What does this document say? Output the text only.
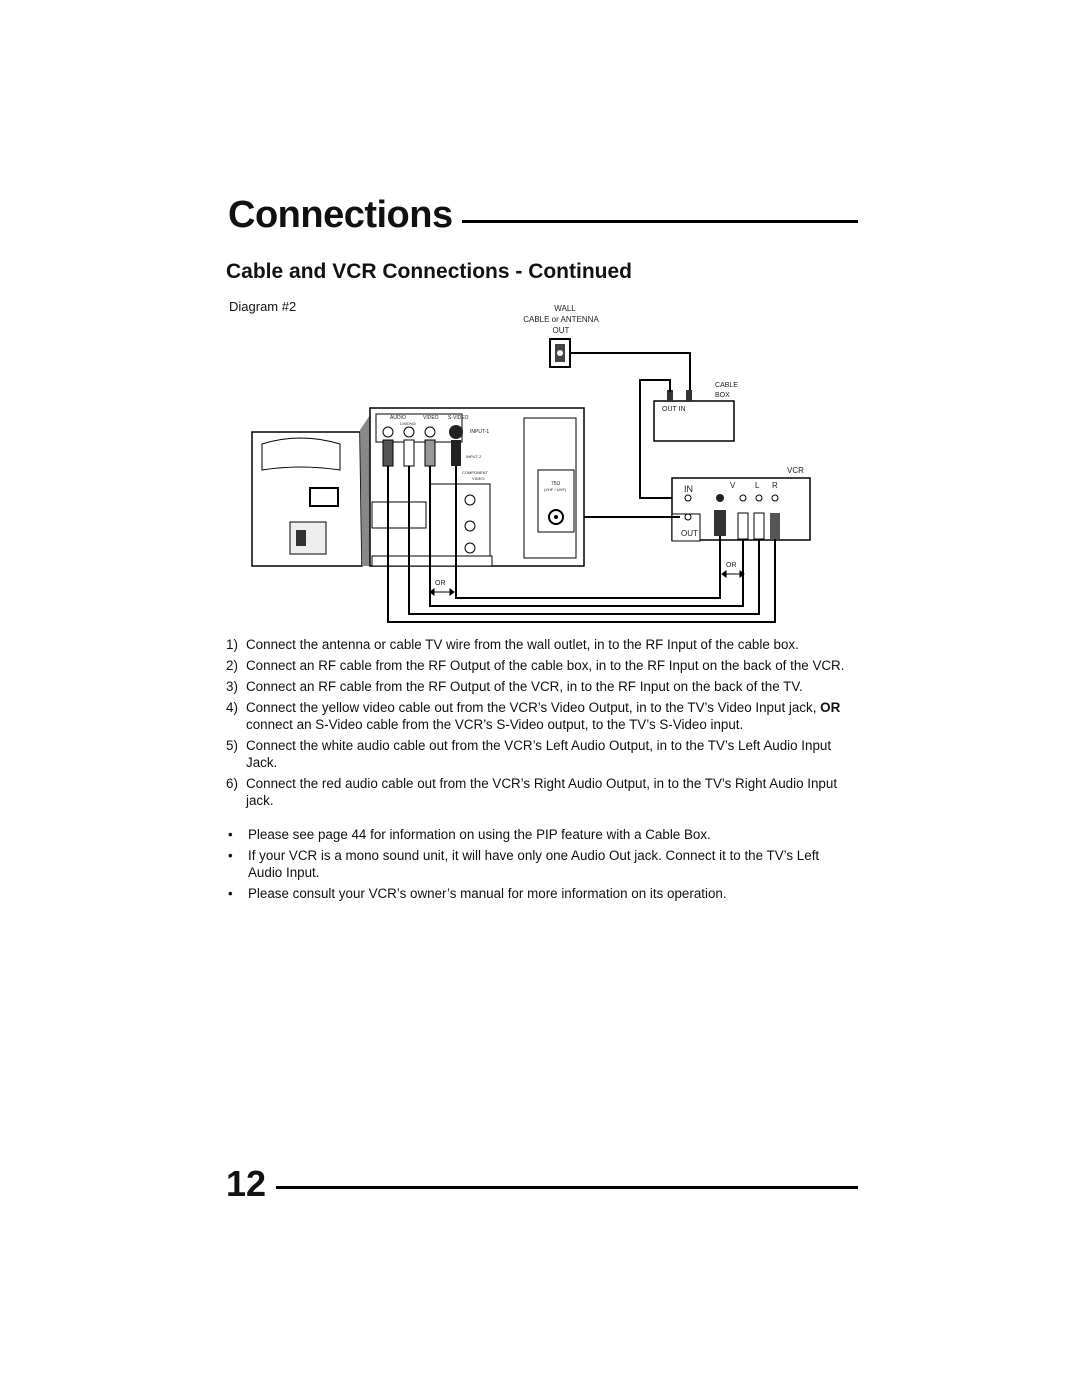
Connections
Cable and VCR Connections - Continued
Diagram #2	WALL
CABLE or ANTENNA
OUT
OUT IN
CABLE
BOX
VCR
IN
OUT
V L R
AUDIO	VIDEO S-VIDEO
L/MONO
INPUT-1
INPUT-2
COMPONENT
VIDEO
75Ω
(VHF / UHF)
OR
OR
1) Connect the antenna or cable TV wire from the wall outlet, in to the RF Input of the cable box.
2) Connect an RF cable from the RF Output of the cable box, in to the RF Input on the back of the VCR.
3) Connect an RF cable from the RF Output of the VCR, in to the RF Input on the back of the TV.
4) Connect the yellow video cable out from the VCR’s Video Output, in to the TV’s Video Input jack, OR connect an S-Video cable from the VCR’s S-Video output, to the TV’s S-Video input.
5) Connect the white audio cable out from the VCR’s Left Audio Output, in to the TV’s Left Audio Input Jack.
6) Connect the red audio cable out from the VCR’s Right Audio Output, in to the TV’s Right Audio Input jack.
• Please see page 44 for information on using the PIP feature with a Cable Box.
• If your VCR is a mono sound unit, it will have only one Audio Out jack. Connect it to the TV’s Left Audio Input.
• Please consult your VCR’s owner’s manual for more information on its operation.
12
